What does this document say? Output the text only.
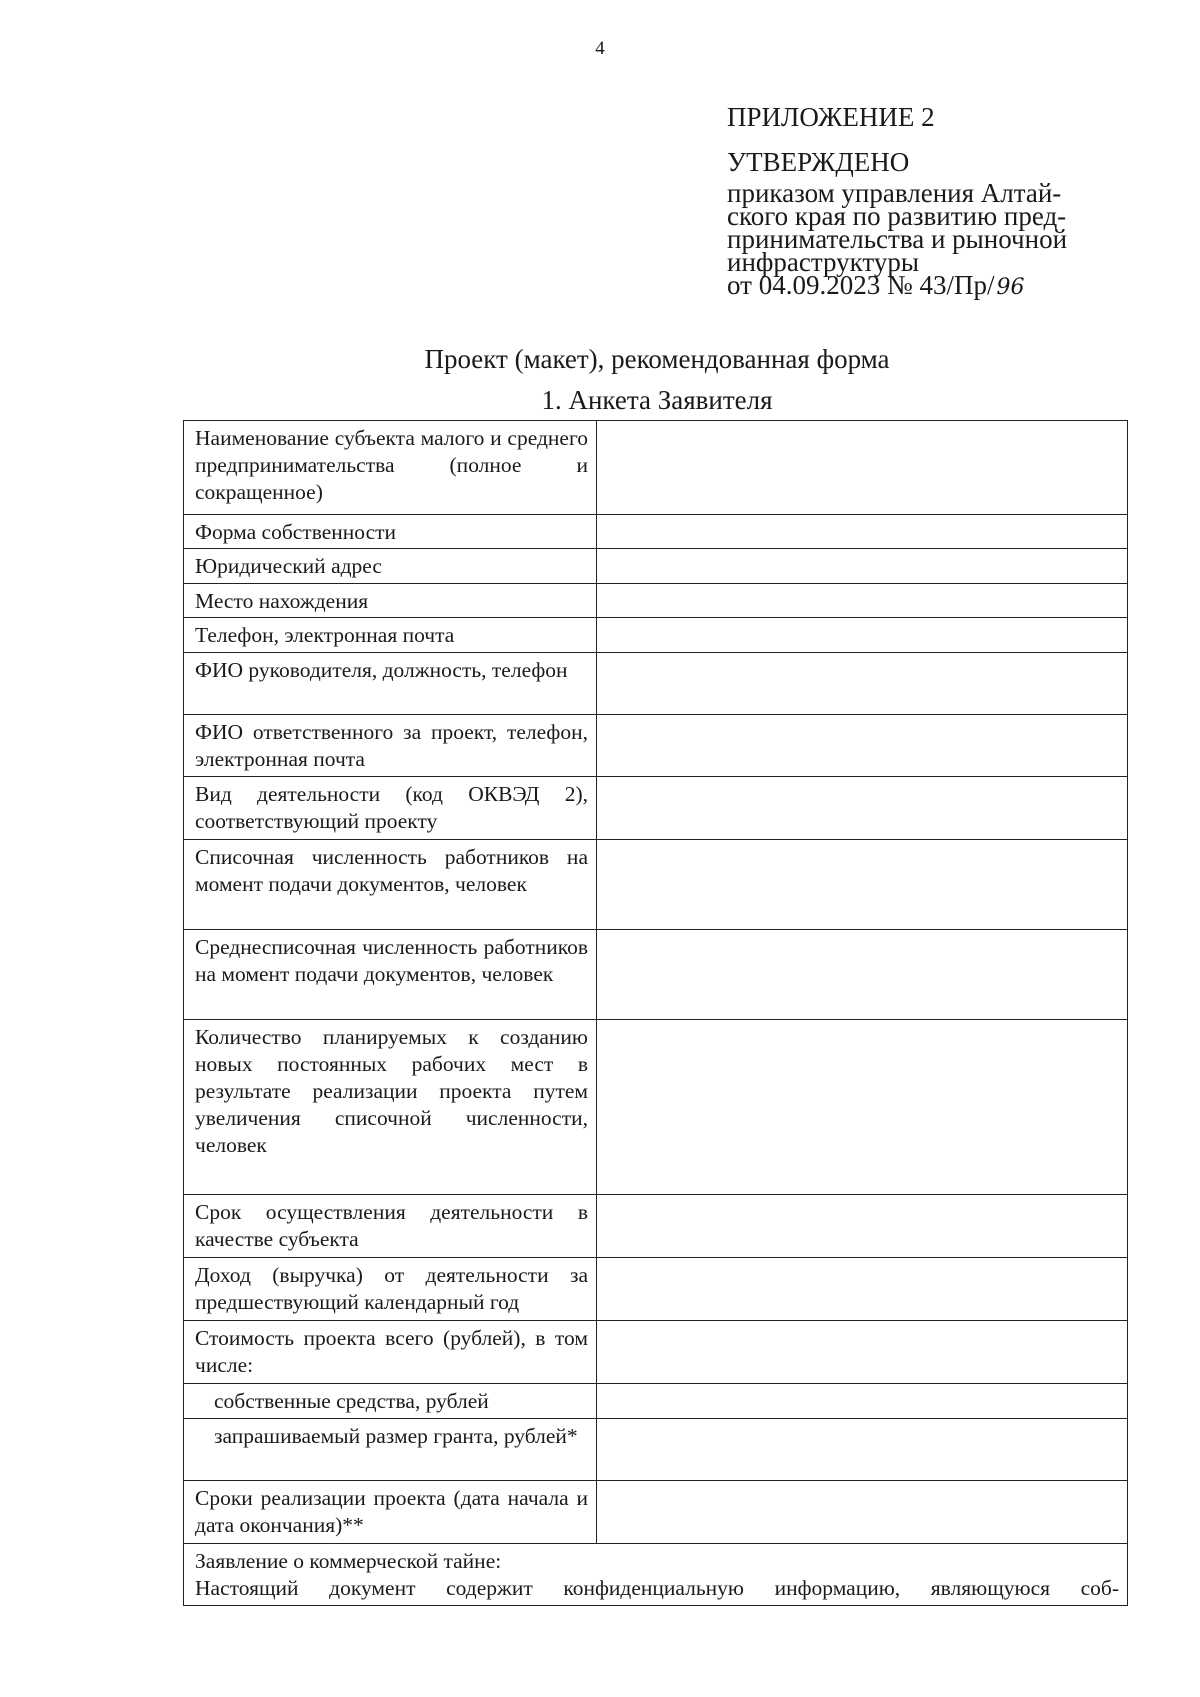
4
ПРИЛОЖЕНИЕ 2
УТВЕРЖДЕНО
приказом управления Алтай-
ского края по развитию пред-
принимательства и рыночной
инфраструктуры
от 04.09.2023 № 43/Пр/96
Проект (макет), рекомендованная форма
1. Анкета Заявителя
Наименование субъекта малого и среднего предпринимательства (полное и сокращенное)	
Форма собственности	
Юридический адрес	
Место нахождения	
Телефон, электронная почта	
ФИО руководителя, должность, телефон	
ФИО ответственного за проект, телефон, электронная почта	
Вид деятельности (код ОКВЭД 2), соответствующий проекту	
Списочная численность работников на момент подачи документов, человек	
Среднесписочная численность работников на момент подачи документов, человек	
Количество планируемых к созданию новых постоянных рабочих мест в результате реализации проекта путем увеличения списочной численности, человек	
Срок осуществления деятельности в качестве субъекта	
Доход (выручка) от деятельности за предшествующий календарный год	
Стоимость проекта всего (рублей), в том числе:	
собственные средства, рублей	
запрашиваемый размер гранта, рублей*	
Сроки реализации проекта (дата начала и дата окончания)**	

Заявление о коммерческой тайне:
Настоящий документ содержит конфиденциальную информацию, являющуюся соб-	
